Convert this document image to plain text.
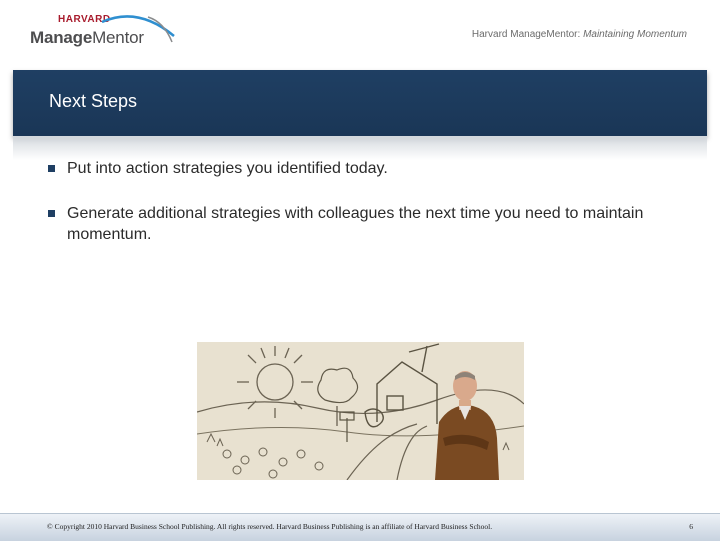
HARVARD
ManageMentor	Harvard ManageMentor: Maintaining Momentum
Next Steps
Put into action strategies you identified today.
Generate additional strategies with colleagues the next time you need to maintain momentum.
© Copyright 2010 Harvard Business School Publishing. All rights reserved. Harvard Business Publishing is an affiliate of Harvard Business School.	6
